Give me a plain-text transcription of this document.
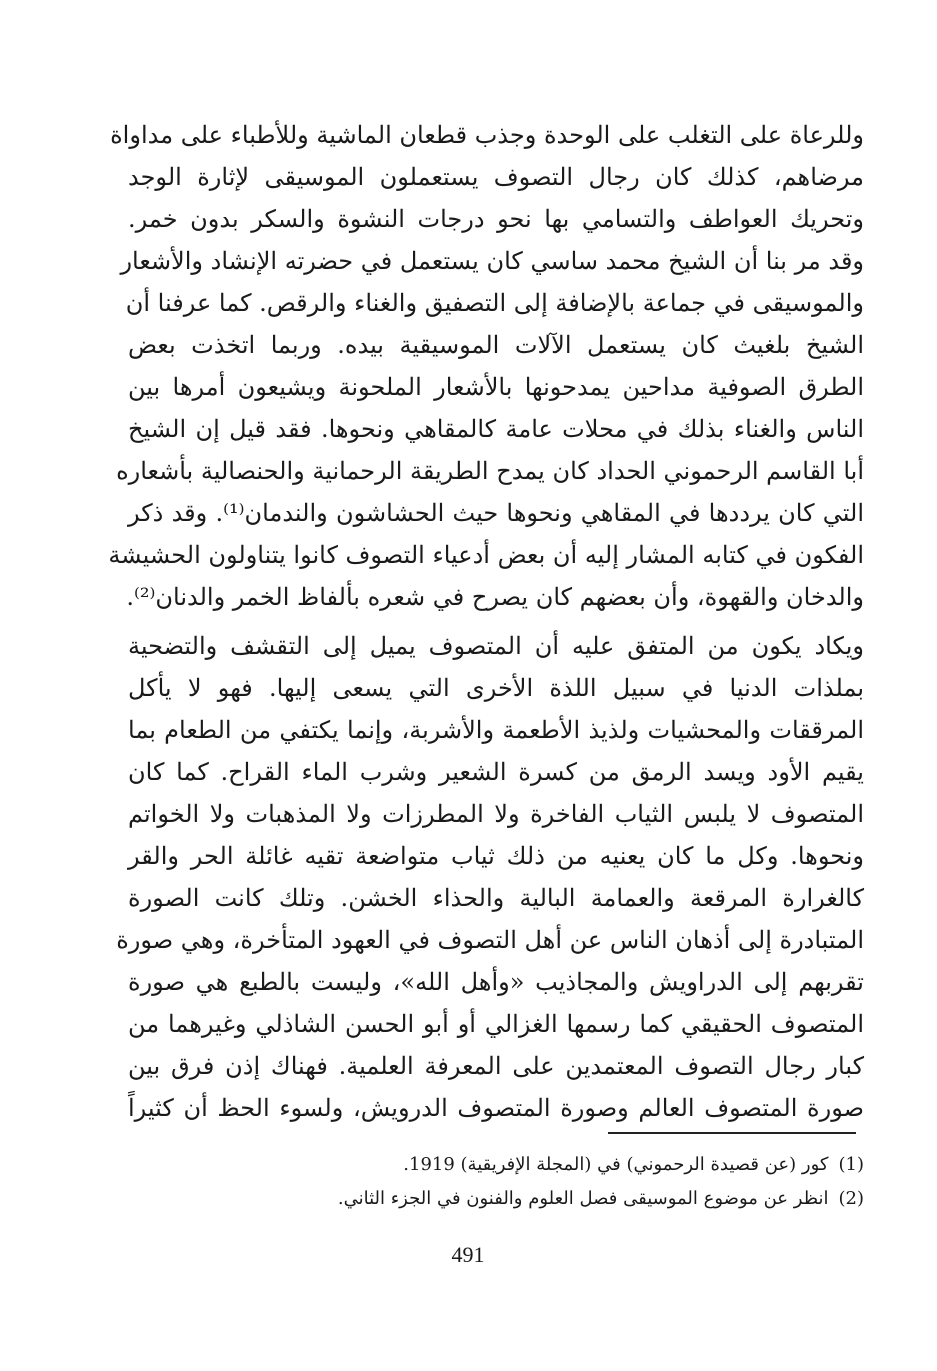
وللرعاة على التغلب على الوحدة وجذب قطعان الماشية وللأطباء على مداواة
مرضاهم، كذلك كان رجال التصوف يستعملون الموسيقى لإثارة الوجد
وتحريك العواطف والتسامي بها نحو درجات النشوة والسكر بدون خمر.
وقد مر بنا أن الشيخ محمد ساسي كان يستعمل في حضرته الإنشاد والأشعار
والموسيقى في جماعة بالإضافة إلى التصفيق والغناء والرقص. كما عرفنا أن
الشيخ بلغيث كان يستعمل الآلات الموسيقية بيده. وربما اتخذت بعض
الطرق الصوفية مداحين يمدحونها بالأشعار الملحونة ويشيعون أمرها بين
الناس والغناء بذلك في محلات عامة كالمقاهي ونحوها. فقد قيل إن الشيخ
أبا القاسم الرحموني الحداد كان يمدح الطريقة الرحمانية والحنصالية بأشعاره
التي كان يرددها في المقاهي ونحوها حيث الحشاشون والندمان⁽¹⁾. وقد ذكر
الفكون في كتابه المشار إليه أن بعض أدعياء التصوف كانوا يتناولون الحشيشة
والدخان والقهوة، وأن بعضهم كان يصرح في شعره بألفاظ الخمر والدنان⁽²⁾.
ويكاد يكون من المتفق عليه أن المتصوف يميل إلى التقشف والتضحية
بملذات الدنيا في سبيل اللذة الأخرى التي يسعى إليها. فهو لا يأكل
المرققات والمحشيات ولذيذ الأطعمة والأشربة، وإنما يكتفي من الطعام بما
يقيم الأود ويسد الرمق من كسرة الشعير وشرب الماء القراح. كما كان
المتصوف لا يلبس الثياب الفاخرة ولا المطرزات ولا المذهبات ولا الخواتم
ونحوها. وكل ما كان يعنيه من ذلك ثياب متواضعة تقيه غائلة الحر والقر
كالغرارة المرقعة والعمامة البالية والحذاء الخشن. وتلك كانت الصورة
المتبادرة إلى أذهان الناس عن أهل التصوف في العهود المتأخرة، وهي صورة
تقربهم إلى الدراويش والمجاذيب «وأهل الله»، وليست بالطبع هي صورة
المتصوف الحقيقي كما رسمها الغزالي أو أبو الحسن الشاذلي وغيرهما من
كبار رجال التصوف المعتمدين على المعرفة العلمية. فهناك إذن فرق بين
صورة المتصوف العالم وصورة المتصوف الدرويش، ولسوء الحظ أن كثيراً
(1)كور (عن قصيدة الرحموني) في (المجلة الإفريقية) 1919.
(2)انظر عن موضوع الموسيقى فصل العلوم والفنون في الجزء الثاني.
491
